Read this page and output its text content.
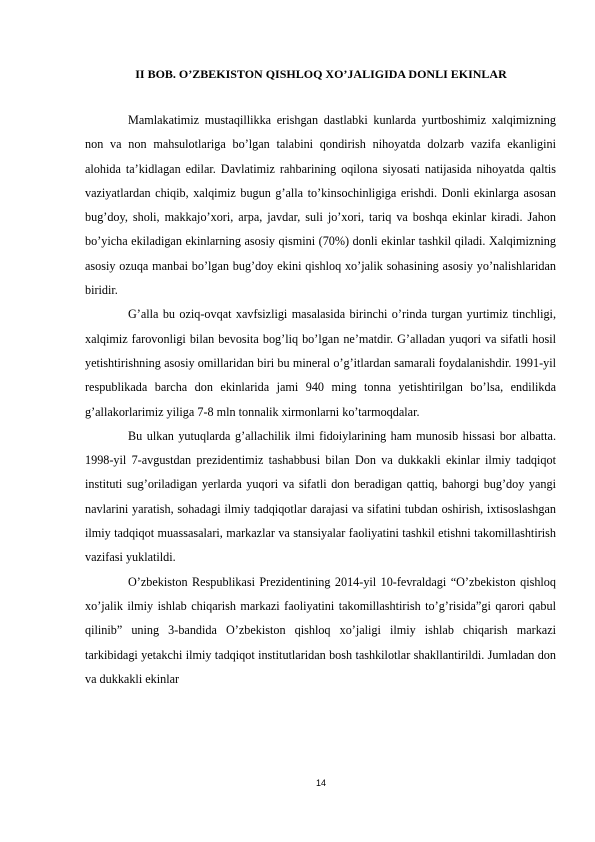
II BOB. O’ZBEKISTON QISHLOQ XO’JALIGIDA DONLI EKINLAR

Mamlakatimiz mustaqillikka erishgan dastlabki kunlarda yurtboshimiz xalqimizning non va non mahsulotlariga bo’lgan talabini qondirish nihoyatda dolzarb vazifa ekanligini alohida ta’kidlagan edilar. Davlatimiz rahbarining oqilona siyosati natijasida nihoyatda qaltis vaziyatlardan chiqib, xalqimiz bugun g’alla to’kinsochinligiga erishdi. Donli ekinlarga asosan bug’doy, sholi, makkajo’xori, arpa, javdar, suli jo’xori, tariq va boshqa ekinlar kiradi. Jahon bo’yicha ekiladigan ekinlarning asosiy qismini (70%) donli ekinlar tashkil qiladi. Xalqimizning asosiy ozuqa manbai bo’lgan bug’doy ekini qishloq xo’jalik sohasining asosiy yo’nalishlaridan biridir.

G’alla bu oziq-ovqat xavfsizligi masalasida birinchi o’rinda turgan yurtimiz tinchligi, xalqimiz farovonligi bilan bevosita bog’liq bo’lgan ne’matdir. G’alladan yuqori va sifatli hosil yetishtirishning asosiy omillaridan biri bu mineral o’g’itlardan samarali foydalanishdir. 1991-yil respublikada barcha don ekinlarida jami 940 ming tonna yetishtirilgan bo’lsa, endilikda g’allakorlarimiz yiliga 7-8 mln tonnalik xirmonlarni ko’tarmoqdalar.

Bu ulkan yutuqlarda g’allachilik ilmi fidoiylarining ham munosib hissasi bor albatta. 1998-yil 7-avgustdan prezidentimiz tashabbusi bilan Don va dukkakli ekinlar ilmiy tadqiqot instituti sug’oriladigan yerlarda yuqori va sifatli don beradigan qattiq, bahorgi bug’doy yangi navlarini yaratish, sohadagi ilmiy tadqiqotlar darajasi va sifatini tubdan oshirish, ixtisoslashgan ilmiy tadqiqot muassasalari, markazlar va stansiyalar faoliyatini tashkil etishni takomillashtirish vazifasi yuklatildi.

O’zbekiston Respublikasi Prezidentining 2014-yil 10-fevraldagi “O’zbekiston qishloq xo’jalik ilmiy ishlab chiqarish markazi faoliyatini takomillashtirish to’g’risida”gi qarori qabul qilinib” uning 3-bandida O’zbekiston qishloq xo’jaligi ilmiy ishlab chiqarish markazi tarkibidagi yetakchi ilmiy tadqiqot institutlaridan bosh tashkilotlar shakllantirildi. Jumladan don va dukkakli ekinlar

14
